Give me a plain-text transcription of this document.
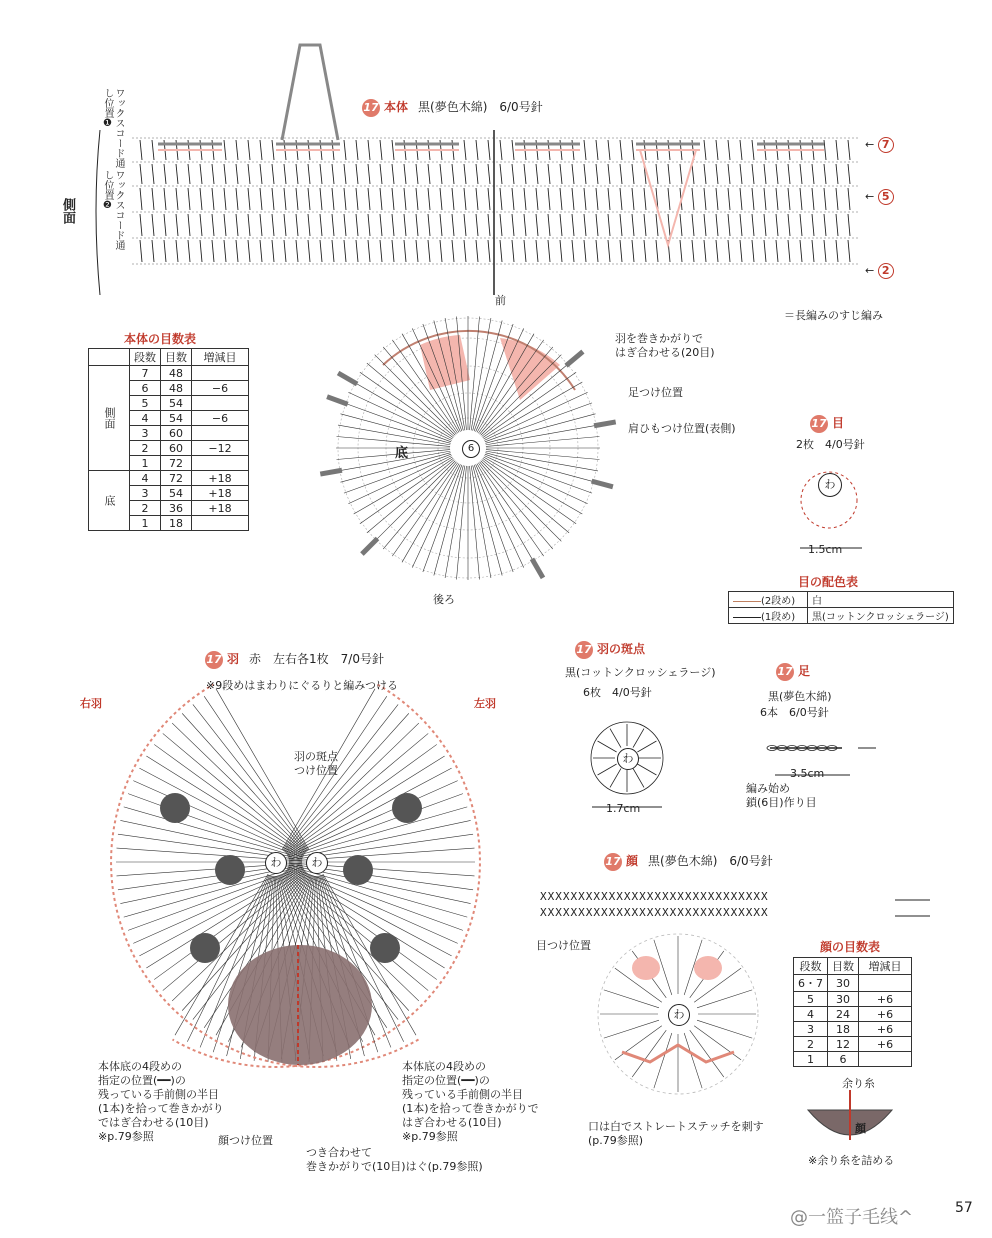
17 本体 黒(夢色木綿)　6/0号針
ワックスコード通し位置❶
ワックスコード通し位置❷
側面
← 7
← 5
← 2
＝長編みのすじ編み
前
後ろ
底
羽を巻きかがりで
はぎ合わせる(20目)
足つけ位置
肩ひもつけ位置(表側)
6
本体の目数表
	段数	目数	増減目
側面	7	48	
	6	48	−6
	5	54	
	4	54	−6
	3	60	
	2	60	−12
	1	72	
底	4	72	+18
	3	54	+18
	2	36	+18
	1	18	
17 目
2枚　4/0号針
1.5cm
わ
目の配色表
(2段め)	白
(1段め)	黒(コットンクロッシェラージ)
17 羽 赤　左右各1枚　7/0号針
※9段めはまわりにぐるりと編みつける
右羽	左羽
羽の斑点
つけ位置
わ	わ
本体底の4段めの
指定の位置(━━)の
残っている手前側の半目
(1本)を拾って巻きかがり
ではぎ合わせる(10目)
※p.79参照
本体底の4段めの
指定の位置(━━)の
残っている手前側の半目
(1本)を拾って巻きかがりで
はぎ合わせる(10目)
※p.79参照
顔つけ位置
つき合わせて
巻きかがりで(10目)はぐ(p.79参照)
17 羽の斑点
黒(コットンクロッシェラージ)
6枚　4/0号針
わ
1.7cm
17 足
黒(夢色木綿)
6本　6/0号針
3.5cm
編み始め
鎖(6目)作り目
17 顔 黒(夢色木綿)　6/0号針
XXXXXXXXXXXXXXXXXXXXXXXXXXXXXX
XXXXXXXXXXXXXXXXXXXXXXXXXXXXXX
目つけ位置
わ
口は白でストレートステッチを刺す
(p.79参照)
顔の目数表
段数	目数	増減目
6・7	30	
5	30	+6
4	24	+6
3	18	+6
2	12	+6
1	6	
余り糸
顔
※余り糸を詰める
57
@一篮子毛线^
